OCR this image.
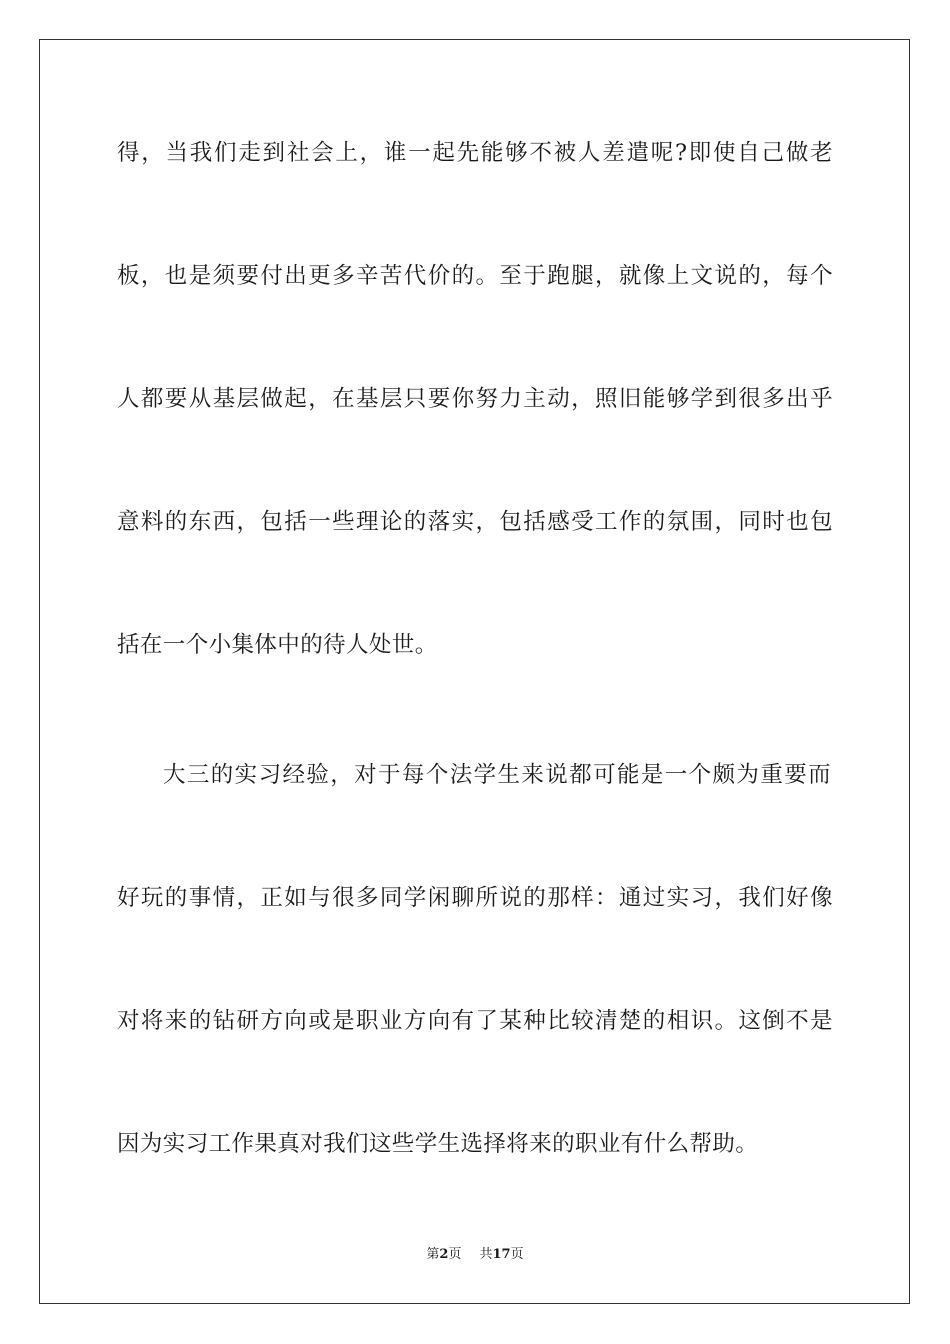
得，当我们走到社会上，谁一起先能够不被人差遣呢?即使自己做老
板，也是须要付出更多辛苦代价的。至于跑腿，就像上文说的，每个
人都要从基层做起，在基层只要你努力主动，照旧能够学到很多出乎
意料的东西，包括一些理论的落实，包括感受工作的氛围，同时也包
括在一个小集体中的待人处世。
大三的实习经验，对于每个法学生来说都可能是一个颇为重要而
好玩的事情，正如与很多同学闲聊所说的那样：通过实习，我们好像
对将来的钻研方向或是职业方向有了某种比较清楚的相识。这倒不是
因为实习工作果真对我们这些学生选择将来的职业有什么帮助。
第2页 共17页
